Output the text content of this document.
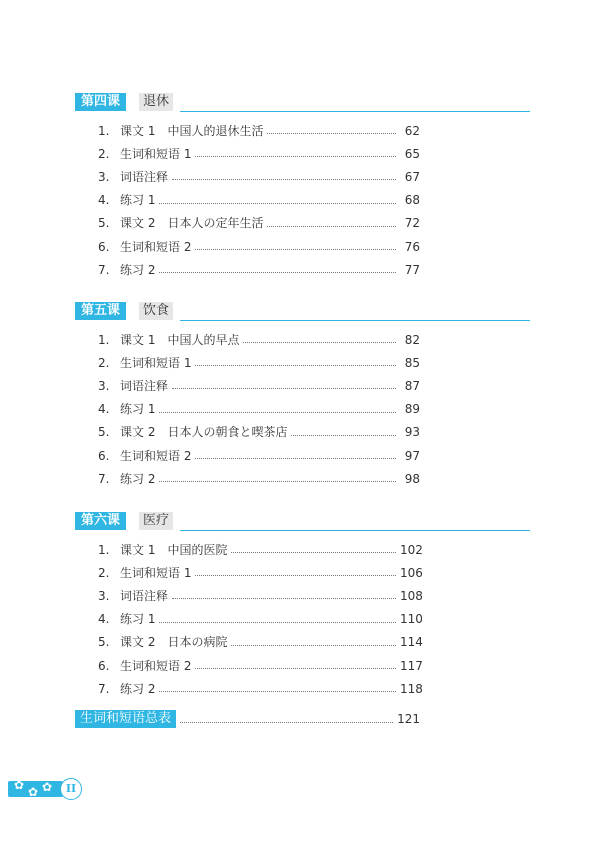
第四课	退休
1. 课文 1　中国人的退休生活	62
2. 生词和短语 1	65
3. 词语注释	67
4. 练习 1	68
5. 课文 2　日本人の定年生活	72
6. 生词和短语 2	76
7. 练习 2	77
第五课	饮食
1. 课文 1　中国人的早点	82
2. 生词和短语 1	85
3. 词语注释	87
4. 练习 1	89
5. 课文 2　日本人の朝食と喫茶店	93
6. 生词和短语 2	97
7. 练习 2	98
第六课	医疗
1. 课文 1　中国的医院	102
2. 生词和短语 1	106
3. 词语注释	108
4. 练习 1	110
5. 课文 2　日本の病院	114
6. 生词和短语 2	117
7. 练习 2	118
生词和短语总表	121
✿ ✿ ✿	II
